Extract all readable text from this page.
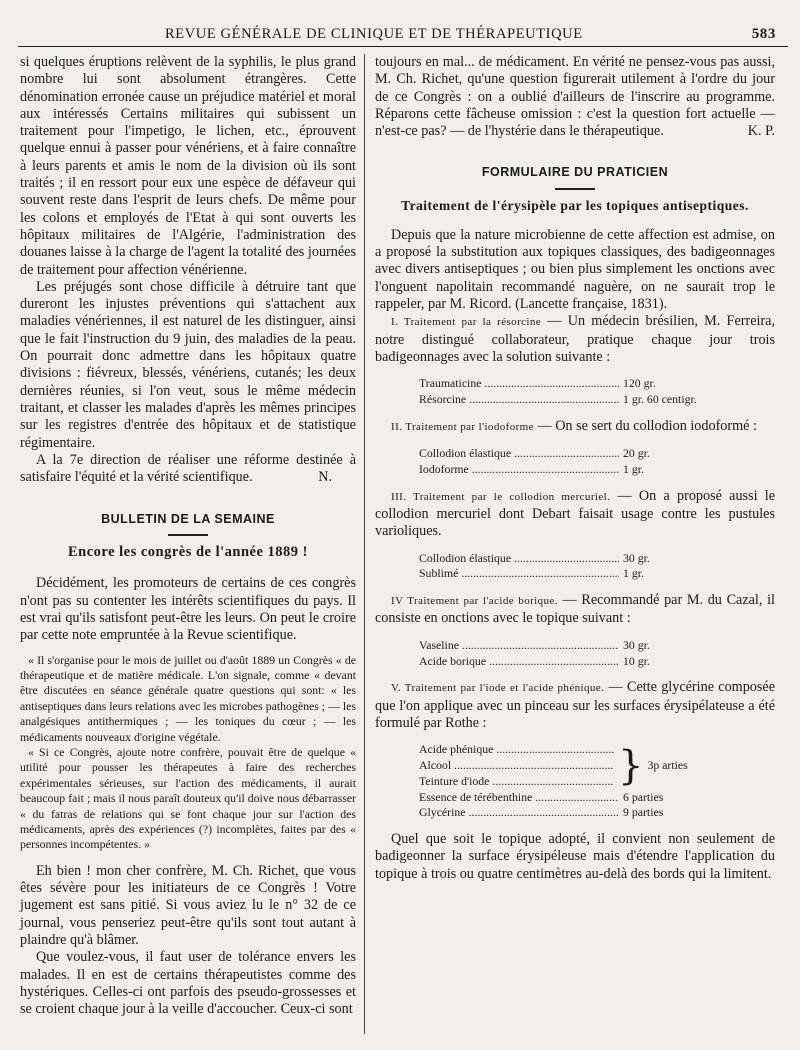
REVUE GÉNÉRALE DE CLINIQUE ET DE THÉRAPEUTIQUE	583

si quelques éruptions relèvent de la syphilis, le plus grand nombre lui sont absolument étrangères. Cette dénomination erronée cause un préjudice matériel et moral aux intéressés Certains militaires qui subissent un traitement pour l'impetigo, le lichen, etc., éprouvent quelque ennui à passer pour vénériens, et à faire connaître à leurs parents et amis le nom de la division où ils sont traités ; il en ressort pour eux une espèce de défaveur qui souvent reste dans l'esprit de leurs chefs. De même pour les colons et employés de l'Etat à qui sont ouverts les hôpitaux militaires de l'Algérie, l'administration des douanes laisse à la charge de l'agent la totalité des journées de traitement pour affection vénérienne.

Les préjugés sont chose difficile à détruire tant que dureront les injustes préventions qui s'attachent aux maladies vénériennes, il est naturel de les distinguer, ainsi que le fait l'instruction du 9 juin, des maladies de la peau. On pourrait donc admettre dans les hôpitaux quatre divisions : fiévreux, blessés, vénériens, cutanés; les deux dernières réunies, si l'on veut, sous le même médecin traitant, et classer les malades d'après les mêmes principes sur les registres d'entrée des hôpitaux et de statistique régimentaire.

A la 7e direction de réaliser une réforme destinée à satisfaire l'équité et la vérité scientifique.	N.

BULLETIN DE LA SEMAINE
Encore les congrès de l'année 1889 !

Décidément, les promoteurs de certains de ces congrès n'ont pas su contenter les intérêts scientifiques du pays. Il est vrai qu'ils satisfont peut-être les leurs. On peut le croire par cette note empruntée à la Revue scientifique.

« Il s'organise pour le mois de juillet ou d'août 1889 un Congrès « de thérapeutique et de matière médicale. L'on signale, comme « devant être discutées en séance générale quatre questions qui sont: « les antiseptiques dans leurs relations avec les microbes pathogènes ; — les analgésiques antithermiques ; — les toniques du cœur ; — les médicaments nouveaux d'origine végétale.

« Si ce Congrès, ajoute notre confrère, pouvait être de quelque « utilité pour pousser les thérapeutes à faire des recherches expérimentales sérieuses, sur l'action des médicaments, il aurait beaucoup fait ; mais il nous paraît douteux qu'il doive nous débarrasser « du fatras de relations qui se font chaque jour sur l'action des médicaments, après des expériences (?) incomplètes, faites par des « personnes incompétentes. »

Eh bien ! mon cher confrère, M. Ch. Richet, que vous êtes sévère pour les initiateurs de ce Congrès ! Votre jugement est sans pitié. Si vous aviez lu le n° 32 de ce journal, vous penseriez peut-être qu'ils sont tout autant à plaindre qu'à blâmer.

Que voulez-vous, il faut user de tolérance envers les malades. Il en est de certains thérapeutistes comme des hystériques. Celles-ci ont parfois des pseudo-grossesses et se croient chaque jour à la veille d'accoucher. Ceux-ci sont

toujours en mal... de médicament. En vérité ne pensez-vous pas aussi, M. Ch. Richet, qu'une question figurerait utilement à l'ordre du jour de ce Congrès : on a oublié d'ailleurs de l'inscrire au programme. Réparons cette fâcheuse omission : c'est la question fort actuelle — n'est-ce pas? — de l'hystérie dans le thérapeutique.	K. P.

FORMULAIRE DU PRATICIEN
Traitement de l'érysipèle par les topiques antiseptiques.

Depuis que la nature microbienne de cette affection est admise, on a proposé la substitution aux topiques classiques, des badigeonnages avec divers antiseptiques ; ou bien plus simplement les onctions avec l'onguent napolitain recommandé naguère, on ne saurait trop le rappeler, par M. Ricord. (Lancette française, 1831).

I. Traitement par la résorcine — Un médecin brésilien, M. Ferreira, notre distingué collaborateur, pratique chaque jour trois badigeonnages avec la solution suivante :

Traumaticine .....	120 gr.
Résorcine .....	1 gr. 60 centigr.

II. Traitement par l'iodoforme — On se sert du collodion iodoformé :

Collodion élastique .....	20 gr.
Iodoforme .....	1 gr.

III. Traitement par le collodion mercuriel. — On a proposé aussi le collodion mercuriel dont Debart faisait usage contre les pustules varioliques.

Collodion élastique .....	30 gr.
Sublimé .....	1 gr.

IV Traitement par l'acide borique. — Recommandé par M. du Cazal, il consiste en onctions avec le topique suivant :

Vaseline .....	30 gr.
Acide borique .....	10 gr.

V. Traitement par l'iode et l'acide phénique. — Cette glycérine composée que l'on applique avec un pinceau sur les surfaces érysipélateuse a été formulé par Rothe :

Acide phénique .....
Alcool .....
Teinture d'iode .....	} 3p arties
Essence de térébenthine .....	6 parties
Glycérine .....	9 parties

Quel que soit le topique adopté, il convient non seulement de badigeonner la surface érysipéleuse mais d'étendre l'application du topique à trois ou quatre centimètres au-delà des bords qui la limitent.
